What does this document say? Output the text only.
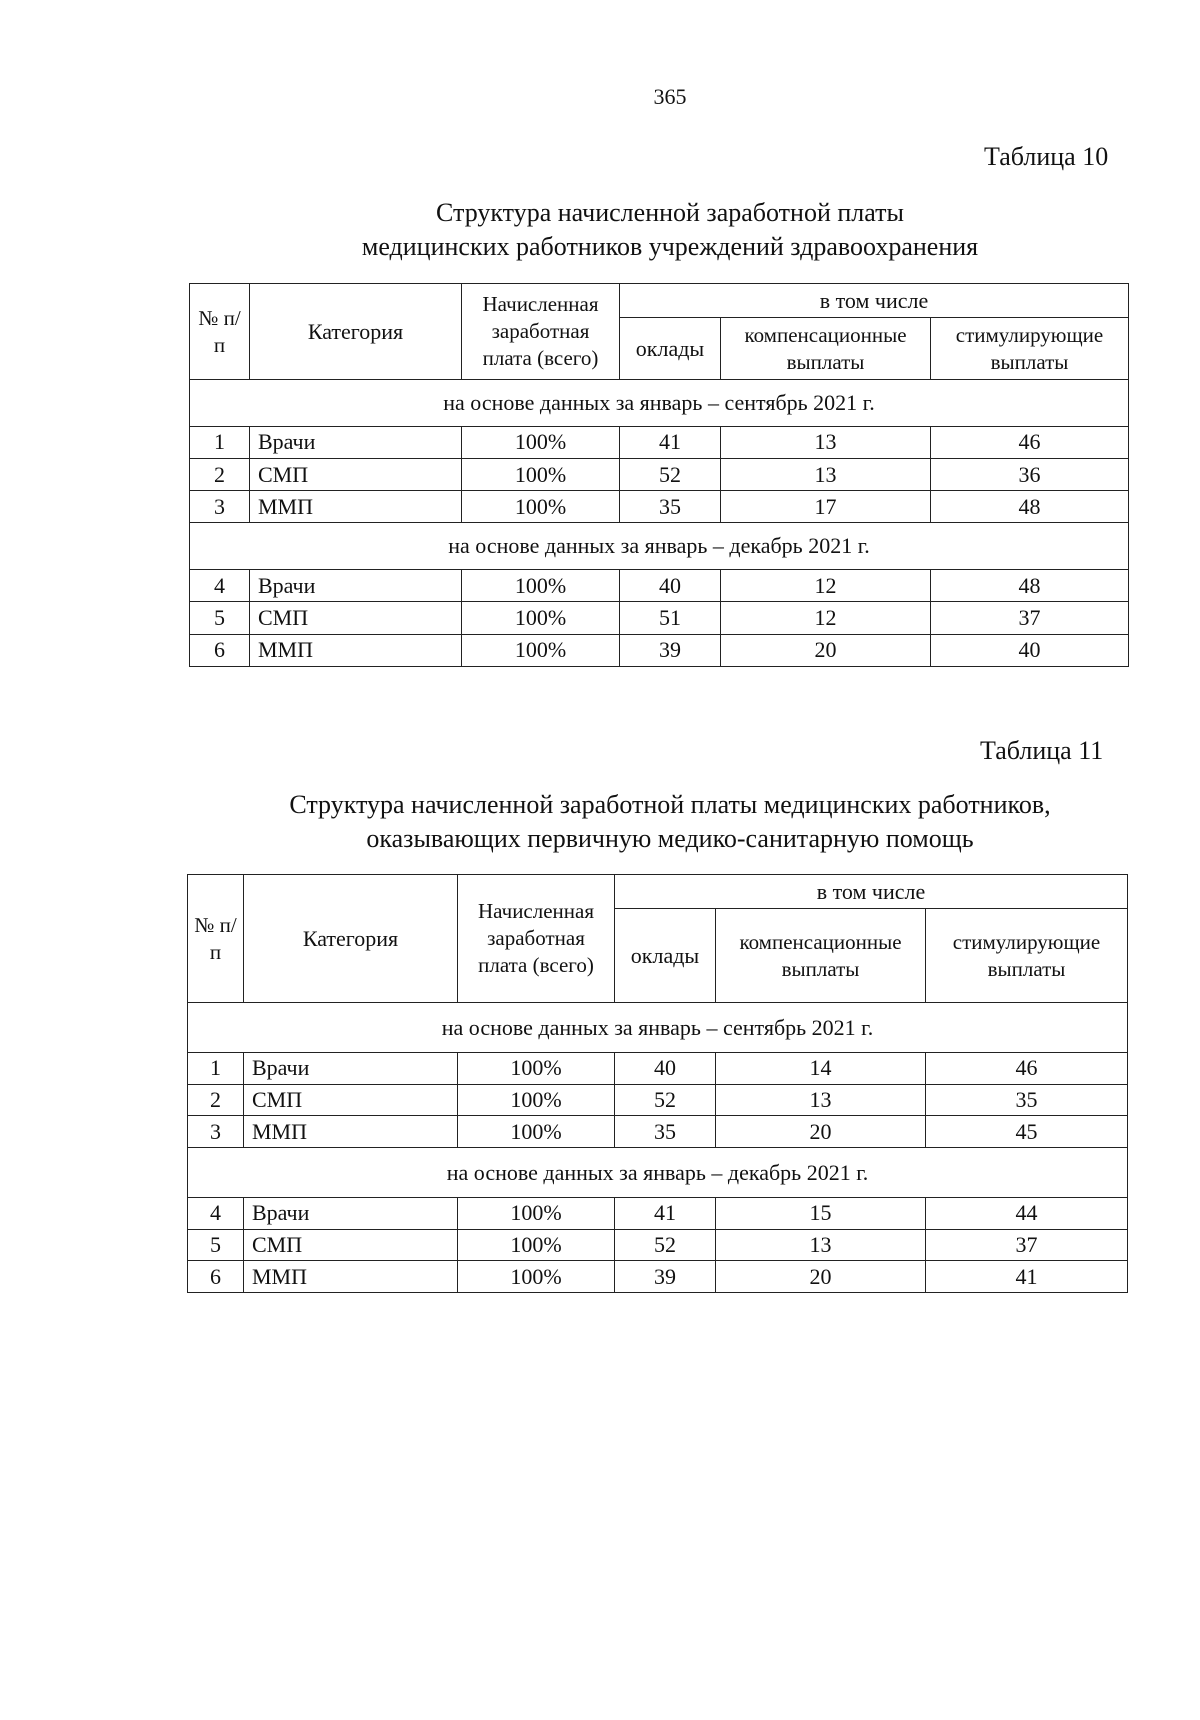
365
Таблица 10
Структура начисленной заработной платы
медицинских работников учреждений здравоохранения
№ п/п	Категория	Начисленная заработная плата (всего)	в том числе		
			оклады	компенсационные выплаты	стимулирующие выплаты
на основе данных за январь – сентябрь 2021 г.					
1	Врачи	100%	41	13	46
2	СМП	100%	52	13	36
3	ММП	100%	35	17	48
на основе данных за январь – декабрь 2021 г.					
4	Врачи	100%	40	12	48
5	СМП	100%	51	12	37
6	ММП	100%	39	20	40
Таблица 11
Структура начисленной заработной платы медицинских работников,
оказывающих первичную медико-санитарную помощь
№ п/п	Категория	Начисленная заработная плата (всего)	в том числе		
			оклады	компенсационные выплаты	стимулирующие выплаты
на основе данных за январь – сентябрь 2021 г.					
1	Врачи	100%	40	14	46
2	СМП	100%	52	13	35
3	ММП	100%	35	20	45
на основе данных за январь – декабрь 2021 г.					
4	Врачи	100%	41	15	44
5	СМП	100%	52	13	37
6	ММП	100%	39	20	41
